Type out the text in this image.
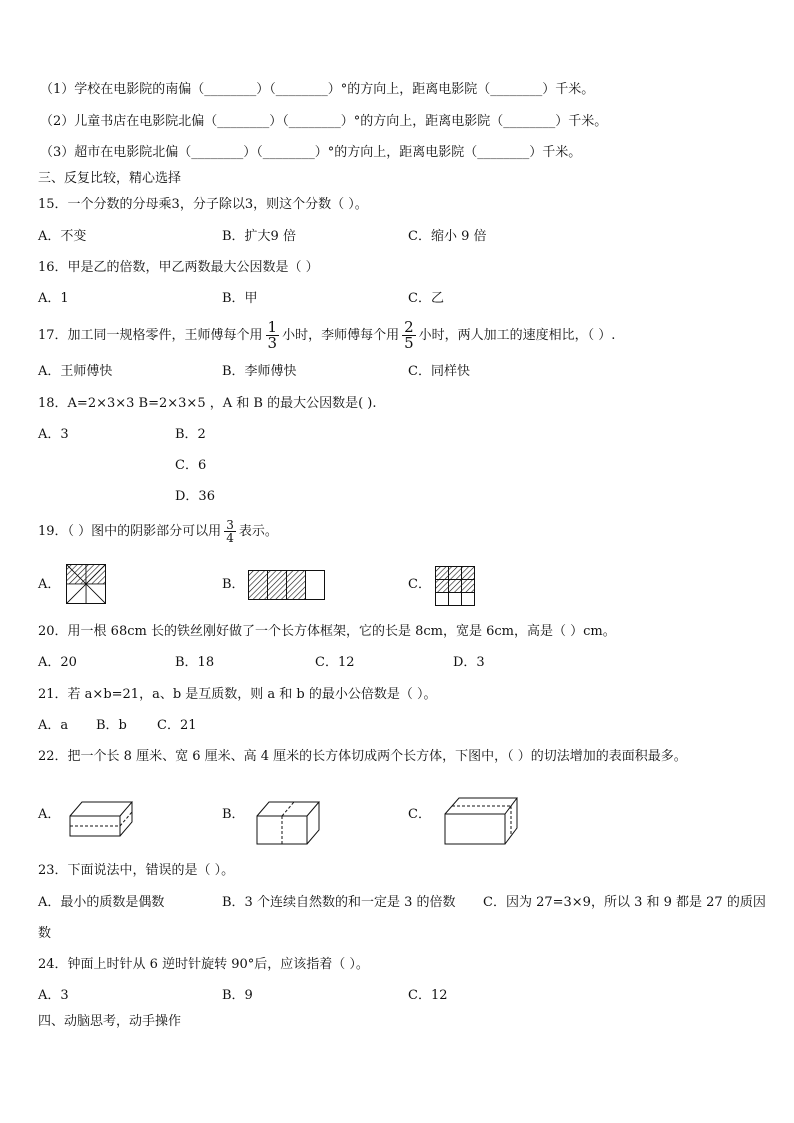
（1）学校在电影院的南偏（________）（________）°的方向上，距离电影院（________）千米。
（2）儿童书店在电影院北偏（________）（________）°的方向上，距离电影院（________）千米。
（3）超市在电影院北偏（________）（________）°的方向上，距离电影院（________）千米。
三、反复比较，精心选择
15．一个分数的分母乘3，分子除以3，则这个分数（ ）。
A．不变	B．扩大9 倍	C．缩小 9 倍
16．甲是乙的倍数，甲乙两数最大公因数是（ ）
A．1	B．甲	C．乙
17．加工同一规格零件，王师傅每个用 $\frac{1}{3}$ 小时，李师傅每个用 $\frac{2}{5}$ 小时，两人加工的速度相比，（ ）.
A．王师傅快	B．李师傅快	C．同样快
18．A=2×3×3 B=2×3×5 ，A 和 B 的最大公因数是( ).
A．3	B．2
C．6
D．36
19．（ ）图中的阴影部分可以用 $\frac{3}{4}$ 表示。
A．	B．	C．
20．用一根 68cm 长的铁丝刚好做了一个长方体框架，它的长是 8cm，宽是 6cm，高是（ ）cm。
A．20	B．18	C．12	D．3
21．若 a×b=21，a、b 是互质数，则 a 和 b 的最小公倍数是（ ）。
A．a B．b C．21
22．把一个长 8 厘米、宽 6 厘米、高 4 厘米的长方体切成两个长方体，下图中，（ ）的切法增加的表面积最多。
A．	B．	C．
23．下面说法中，错误的是（ ）。
A．最小的质数是偶数	B．3 个连续自然数的和一定是 3 的倍数 C．因为 27=3×9，所以 3 和 9 都是 27 的质因
数
24．钟面上时针从 6 逆时针旋转 90°后，应该指着（ ）。
A．3	B．9	C．12
四、动脑思考，动手操作
